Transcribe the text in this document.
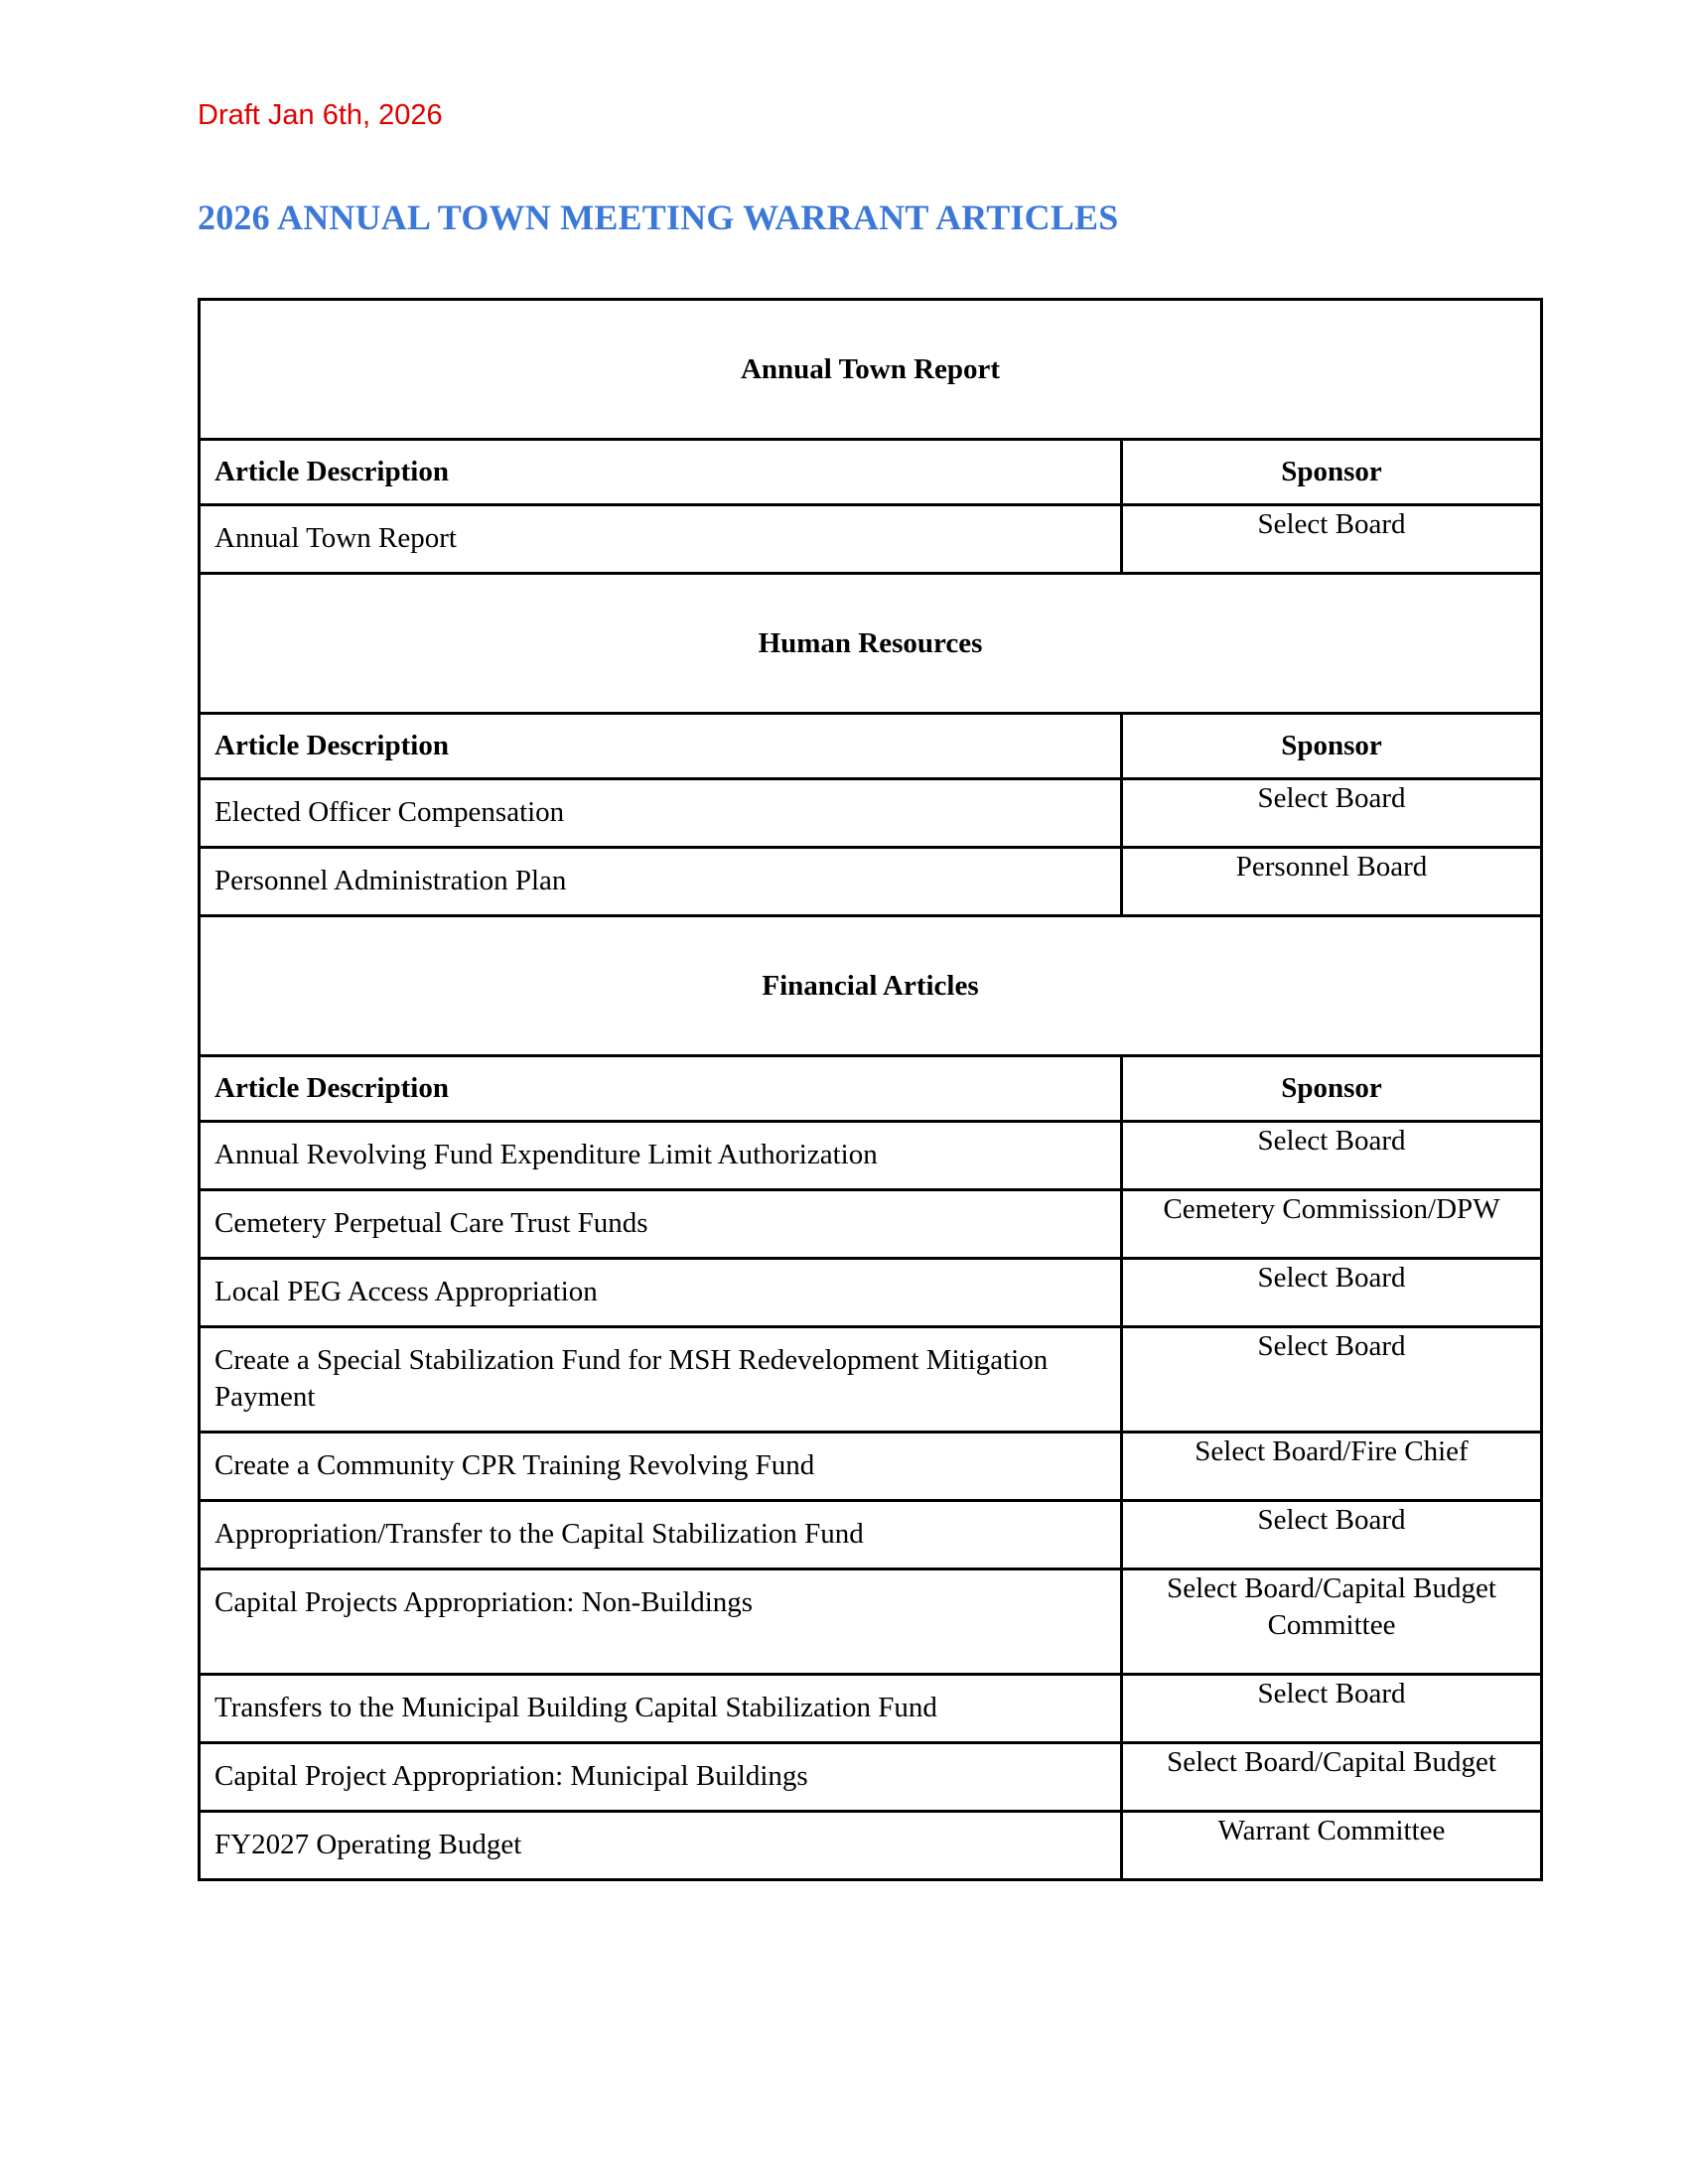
Draft Jan 6th, 2026
2026 ANNUAL TOWN MEETING WARRANT ARTICLES
Annual Town Report	
Article Description	Sponsor
Annual Town Report	Select Board
Human Resources	
Article Description	Sponsor
Elected Officer Compensation	Select Board
Personnel Administration Plan	Personnel Board
Financial Articles	
Article Description	Sponsor
Annual Revolving Fund Expenditure Limit Authorization	Select Board
Cemetery Perpetual Care Trust Funds	Cemetery Commission/DPW
Local PEG Access Appropriation	Select Board
Create a Special Stabilization Fund for MSH Redevelopment Mitigation Payment	Select Board
Create a Community CPR Training Revolving Fund	Select Board/Fire Chief
Appropriation/Transfer to the Capital Stabilization Fund	Select Board
Capital Projects Appropriation: Non-Buildings	Select Board/Capital Budget Committee
Transfers to the Municipal Building Capital Stabilization Fund	Select Board
Capital Project Appropriation: Municipal Buildings	Select Board/Capital Budget
FY2027 Operating Budget	Warrant Committee
